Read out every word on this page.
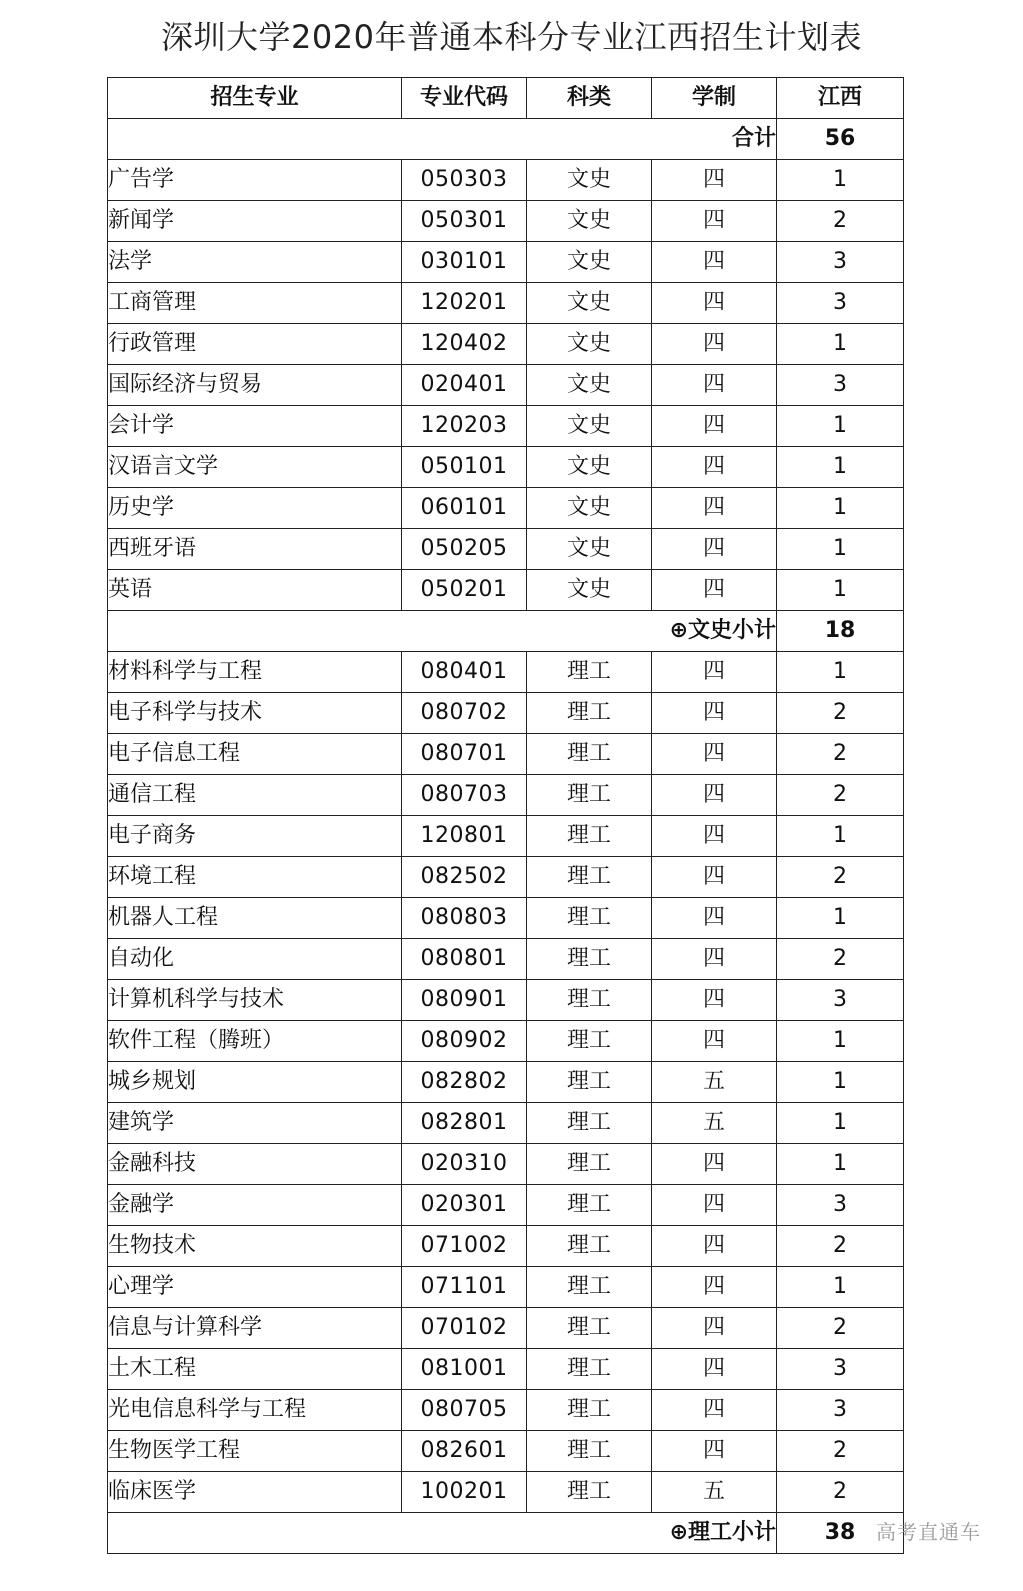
深圳大学2020年普通本科分专业江西招生计划表
招生专业	专业代码	科类	学制	江西
合计				56
广告学	050303	文史	四	1
新闻学	050301	文史	四	2
法学	030101	文史	四	3
工商管理	120201	文史	四	3
行政管理	120402	文史	四	1
国际经济与贸易	020401	文史	四	3
会计学	120203	文史	四	1
汉语言文学	050101	文史	四	1
历史学	060101	文史	四	1
西班牙语	050205	文史	四	1
英语	050201	文史	四	1
⊕文史小计				18
材料科学与工程	080401	理工	四	1
电子科学与技术	080702	理工	四	2
电子信息工程	080701	理工	四	2
通信工程	080703	理工	四	2
电子商务	120801	理工	四	1
环境工程	082502	理工	四	2
机器人工程	080803	理工	四	1
自动化	080801	理工	四	2
计算机科学与技术	080901	理工	四	3
软件工程（腾班）	080902	理工	四	1
城乡规划	082802	理工	五	1
建筑学	082801	理工	五	1
金融科技	020310	理工	四	1
金融学	020301	理工	四	3
生物技术	071002	理工	四	2
心理学	071101	理工	四	1
信息与计算科学	070102	理工	四	2
土木工程	081001	理工	四	3
光电信息科学与工程	080705	理工	四	3
生物医学工程	082601	理工	四	2
临床医学	100201	理工	五	2
⊕理工小计				38 高考直通车
